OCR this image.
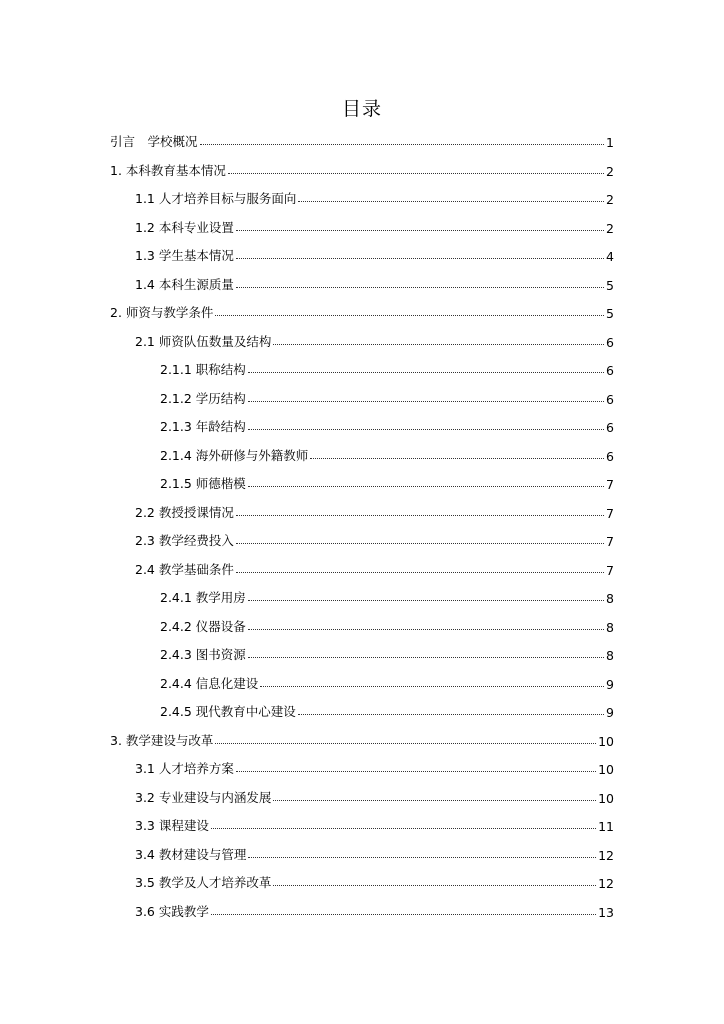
目录
引言　学校概况	1
1. 本科教育基本情况	2
1.1 人才培养目标与服务面向	2
1.2 本科专业设置	2
1.3 学生基本情况	4
1.4 本科生源质量	5
2. 师资与教学条件	5
2.1 师资队伍数量及结构	6
2.1.1 职称结构	6
2.1.2 学历结构	6
2.1.3 年龄结构	6
2.1.4 海外研修与外籍教师	6
2.1.5 师德楷模	7
2.2 教授授课情况	7
2.3 教学经费投入	7
2.4 教学基础条件	7
2.4.1 教学用房	8
2.4.2 仪器设备	8
2.4.3 图书资源	8
2.4.4 信息化建设	9
2.4.5 现代教育中心建设	9
3. 教学建设与改革	10
3.1 人才培养方案	10
3.2 专业建设与内涵发展	10
3.3 课程建设	11
3.4 教材建设与管理	12
3.5 教学及人才培养改革	12
3.6 实践教学	13
